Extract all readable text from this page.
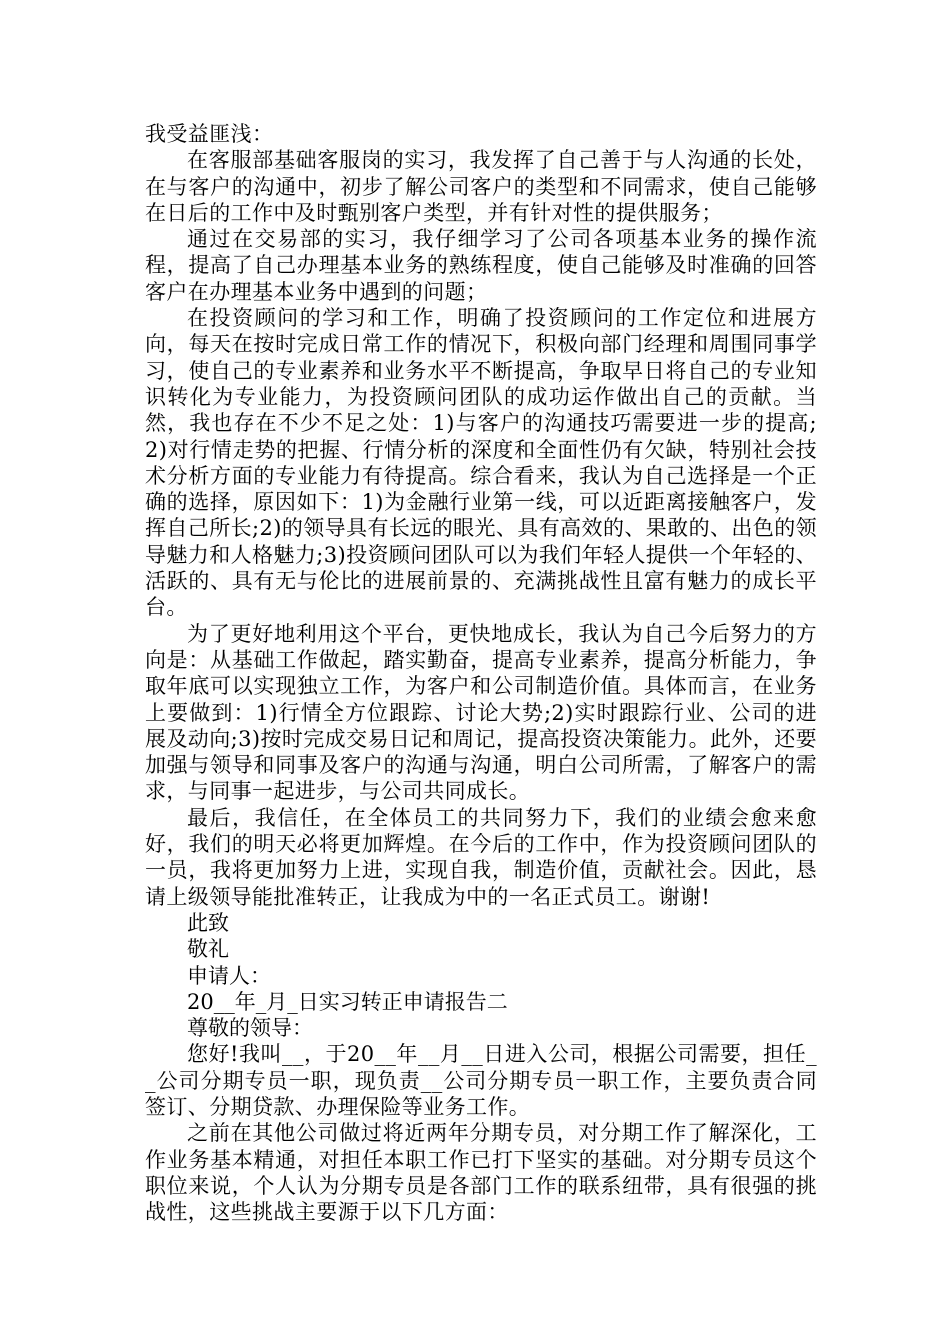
我受益匪浅：

在客服部基础客服岗的实习，我发挥了自己善于与人沟通的长处，在与客户的沟通中，初步了解公司客户的类型和不同需求，使自己能够在日后的工作中及时甄别客户类型，并有针对性的提供服务；

通过在交易部的实习，我仔细学习了公司各项基本业务的操作流程，提高了自己办理基本业务的熟练程度，使自己能够及时准确的回答客户在办理基本业务中遇到的问题；

在投资顾问的学习和工作，明确了投资顾问的工作定位和进展方向，每天在按时完成日常工作的情况下，积极向部门经理和周围同事学习，使自己的专业素养和业务水平不断提高，争取早日将自己的专业知识转化为专业能力，为投资顾问团队的成功运作做出自己的贡献。当然，我也存在不少不足之处：1)与客户的沟通技巧需要进一步的提高;2)对行情走势的把握、行情分析的深度和全面性仍有欠缺，特别社会技术分析方面的专业能力有待提高。综合看来，我认为自己选择是一个正确的选择，原因如下：1)为金融行业第一线，可以近距离接触客户，发挥自己所长;2)的领导具有长远的眼光、具有高效的、果敢的、出色的领导魅力和人格魅力;3)投资顾问团队可以为我们年轻人提供一个年轻的、活跃的、具有无与伦比的进展前景的、充满挑战性且富有魅力的成长平台。

为了更好地利用这个平台，更快地成长，我认为自己今后努力的方向是：从基础工作做起，踏实勤奋，提高专业素养，提高分析能力，争取年底可以实现独立工作，为客户和公司制造价值。具体而言，在业务上要做到：1)行情全方位跟踪、讨论大势;2)实时跟踪行业、公司的进展及动向;3)按时完成交易日记和周记，提高投资决策能力。此外，还要加强与领导和同事及客户的沟通与沟通，明白公司所需，了解客户的需求，与同事一起进步，与公司共同成长。

最后，我信任，在全体员工的共同努力下，我们的业绩会愈来愈好，我们的明天必将更加辉煌。在今后的工作中，作为投资顾问团队的一员，我将更加努力上进，实现自我，制造价值，贡献社会。因此，恳请上级领导能批准转正，让我成为中的一名正式员工。谢谢!

此致

敬礼

申请人：

20__年_月_日实习转正申请报告二

尊敬的领导：

您好!我叫__，于20__年__月__日进入公司，根据公司需要，担任__公司分期专员一职，现负责__公司分期专员一职工作，主要负责合同签订、分期贷款、办理保险等业务工作。

之前在其他公司做过将近两年分期专员，对分期工作了解深化，工作业务基本精通，对担任本职工作已打下坚实的基础。对分期专员这个职位来说，个人认为分期专员是各部门工作的联系纽带，具有很强的挑战性，这些挑战主要源于以下几方面：
